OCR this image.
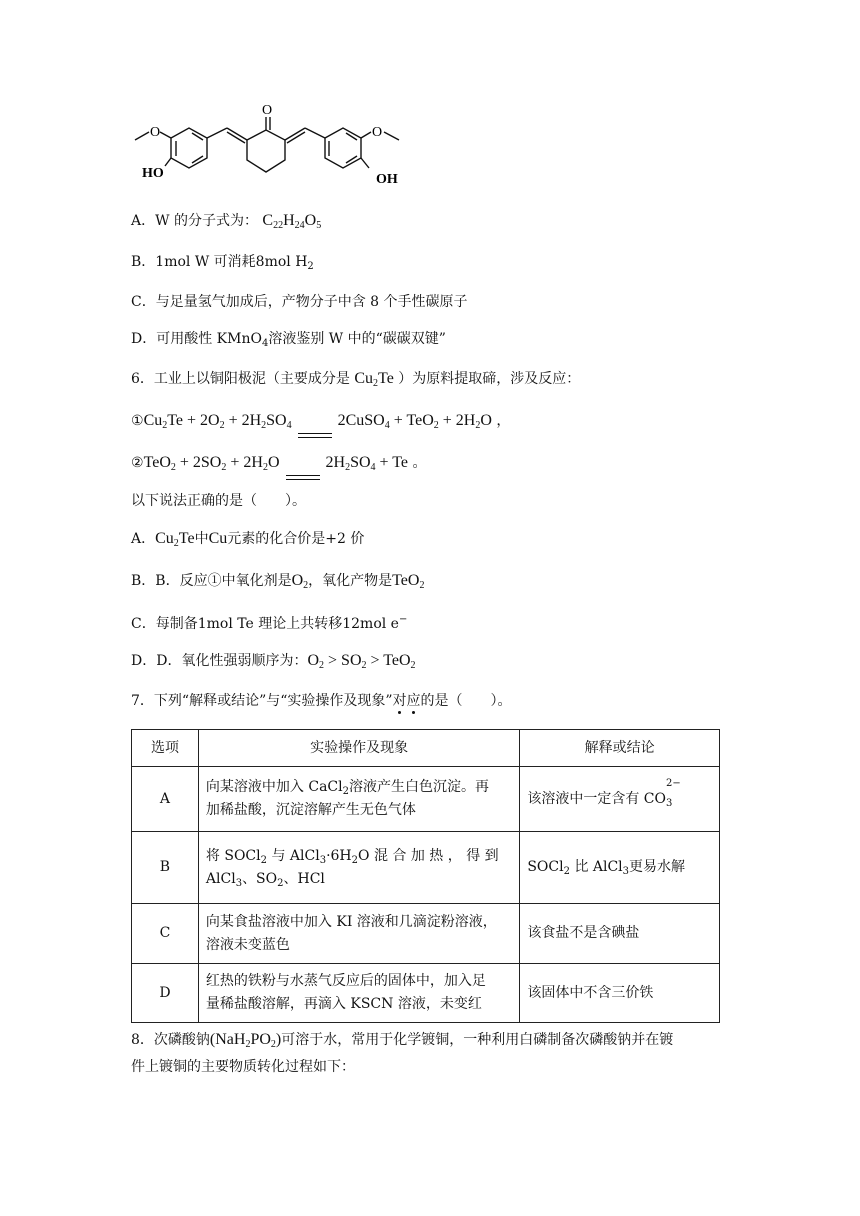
O
O	O
HO	OH
A．W 的分子式为： $C_{22}H_{24}O_5$
B．1mol W 可消耗8mol $H_2$
C．与足量氢气加成后，产物分子中含 8 个手性碳原子
D．可用酸性 KMnO$_4$溶液鉴别 W 中的“碳碳双键”
6．工业上以铜阳极泥（主要成分是 $Cu_2Te$ ）为原料提取碲，涉及反应：
$①Cu_2Te + 2O_2 + 2H_2SO_4$	2CuSO$_4$ + $TeO_2 + 2H_2O$ ，
②TeO$_2$ + $2SO_2 + 2H_2O$	$2H_2SO_4 + Te$ 。
以下说法正确的是（　　）。
A．$Cu_2Te$中Cu元素的化合价是+2 价
B．B．反应①中氧化剂是$O_2$，氧化产物是TeO$_2$
C．每制备1mol Te 理论上共转移12mol e−
D．D．氧化性强弱顺序为：$O_2 > SO_2 > TeO_2$
7．下列“解释或结论”与“实验操作及现象”对应的是（　　）。
选项	实验操作及现象	解释或结论
A	向某溶液中加入 CaCl$_2$溶液产生白色沉淀。再
加稀盐酸，沉淀溶解产生无色气体	该溶液中一定含有 CO
2−
$_3$
B	将 SOCl$_2$ 与 $AlCl_3\cdot 6H_2O$ 混 合 加 热 ， 得 到
AlCl$_3$、$SO_2$、HCl	SOCl$_2$ 比 AlCl$_3$更易水解
C	向某食盐溶液中加入 KI 溶液和几滴淀粉溶液，
溶液未变蓝色	该食盐不是含碘盐
D	红热的铁粉与水蒸气反应后的固体中，加入足
量稀盐酸溶解，再滴入 KSCN 溶液，未变红	该固体中不含三价铁
8．次磷酸钠$(NaH_2PO_2)$可溶于水，常用于化学镀铜，一种利用白磷制备次磷酸钠并在镀
件上镀铜的主要物质转化过程如下：
